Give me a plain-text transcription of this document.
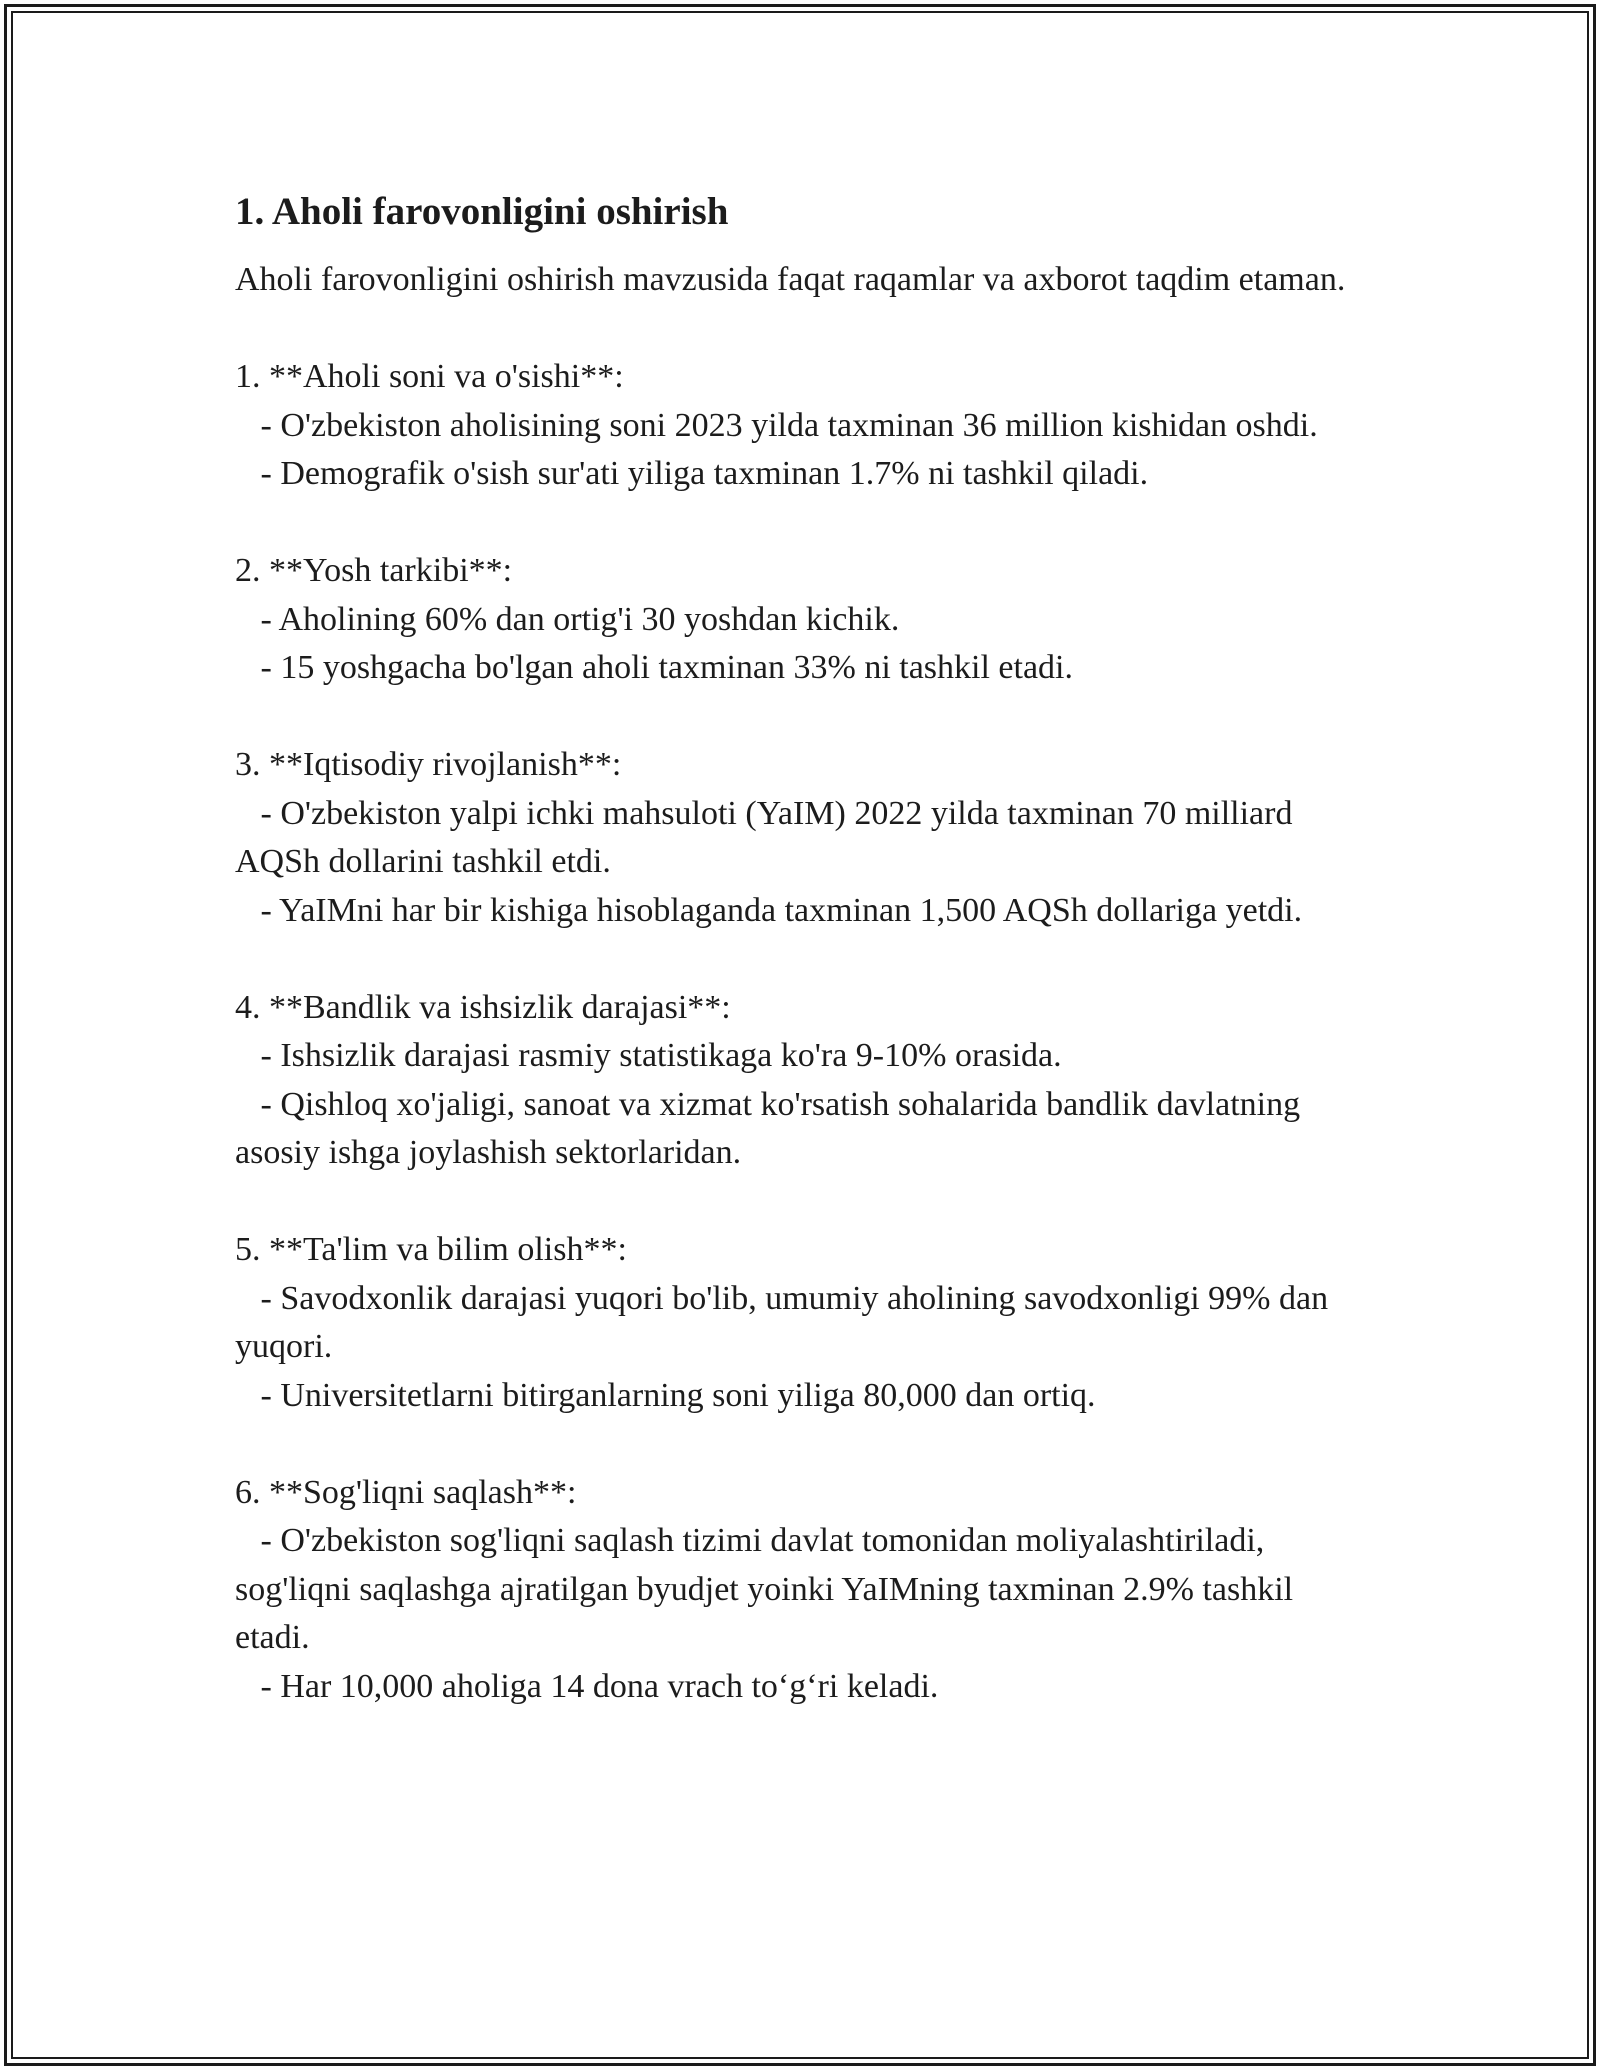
1. Aholi farovonligini oshirish

Aholi farovonligini oshirish mavzusida faqat raqamlar va axborot taqdim etaman.

1. **Aholi soni va o'sishi**:

- O'zbekiston aholisining soni 2023 yilda taxminan 36 million kishidan oshdi.

- Demografik o'sish sur'ati yiliga taxminan 1.7% ni tashkil qiladi.

2. **Yosh tarkibi**:

- Aholining 60% dan ortig'i 30 yoshdan kichik.

- 15 yoshgacha bo'lgan aholi taxminan 33% ni tashkil etadi.

3. **Iqtisodiy rivojlanish**:

- O'zbekiston yalpi ichki mahsuloti (YaIM) 2022 yilda taxminan 70 milliard AQSh dollarini tashkil etdi.

- YaIMni har bir kishiga hisoblaganda taxminan 1,500 AQSh dollariga yetdi.

4. **Bandlik va ishsizlik darajasi**:

- Ishsizlik darajasi rasmiy statistikaga ko'ra 9-10% orasida.

- Qishloq xo'jaligi, sanoat va xizmat ko'rsatish sohalarida bandlik davlatning asosiy ishga joylashish sektorlaridan.

5. **Ta'lim va bilim olish**:

- Savodxonlik darajasi yuqori bo'lib, umumiy aholining savodxonligi 99% dan yuqori.

- Universitetlarni bitirganlarning soni yiliga 80,000 dan ortiq.

6. **Sog'liqni saqlash**:

- O'zbekiston sog'liqni saqlash tizimi davlat tomonidan moliyalashtiriladi, sog'liqni saqlashga ajratilgan byudjet yoinki YaIMning taxminan 2.9% tashkil etadi.

- Har 10,000 aholiga 14 dona vrach to‘g‘ri keladi.
